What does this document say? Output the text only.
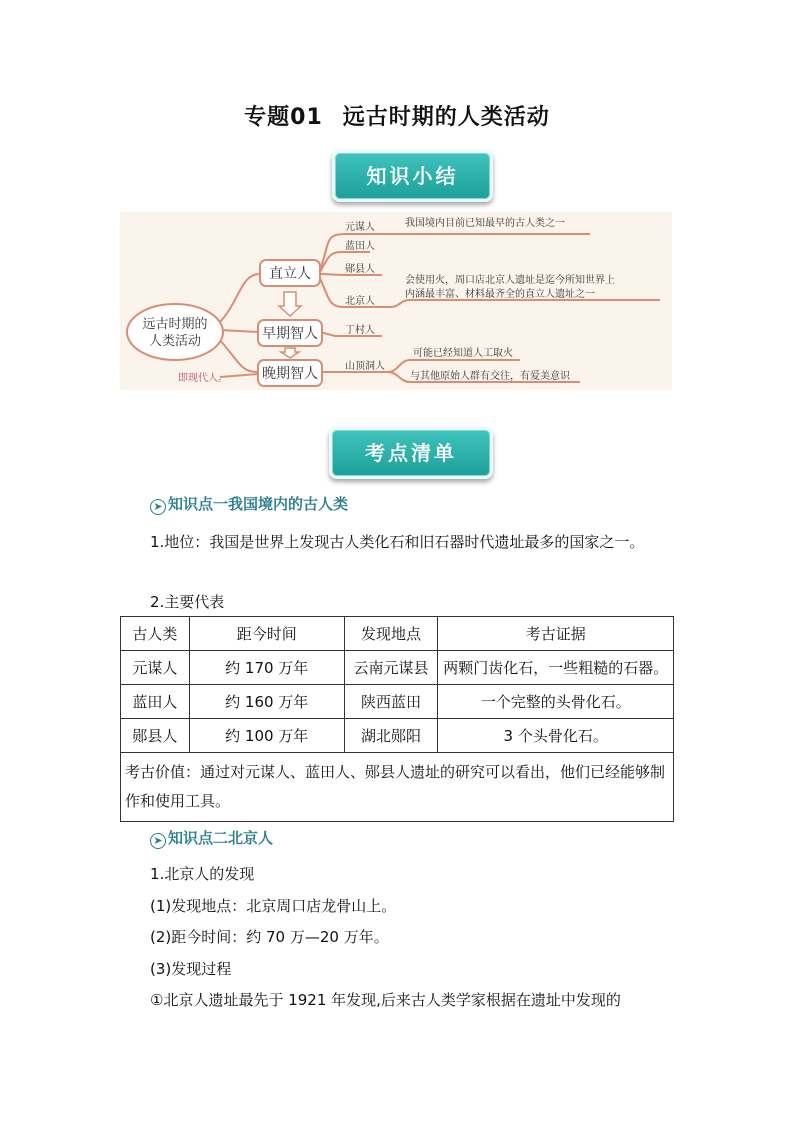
专题01 远古时期的人类活动
知识小结
远古时期的
人类活动
直立人
早期智人
晚期智人
元谋人
蓝田人
郧县人
北京人
丁村人
山顶洞人
我国境内目前已知最早的古人类之一
会使用火，周口店北京人遗址是迄今所知世界上
内涵最丰富、材料最齐全的直立人遗址之一
可能已经知道人工取火
与其他原始人群有交往，有爱美意识
即现代人。
考点清单
➤ 知识点一我国境内的古人类
1.地位：我国是世界上发现古人类化石和旧石器时代遗址最多的国家之一。
2.主要代表
古人类	距今时间	发现地点	考古证据
元谋人	约 170 万年	云南元谋县	两颗门齿化石，一些粗糙的石器。
蓝田人	约 160 万年	陕西蓝田	一个完整的头骨化石。
郧县人	约 100 万年	湖北郧阳	3 个头骨化石。
考古价值：通过对元谋人、蓝田人、郧县人遗址的研究可以看出，他们已经能够制作和使用工具。			
➤ 知识点二北京人
1.北京人的发现
(1)发现地点：北京周口店龙骨山上。
(2)距今时间：约 70 万—20 万年。
(3)发现过程
①北京人遗址最先于 1921 年发现,后来古人类学家根据在遗址中发现的
